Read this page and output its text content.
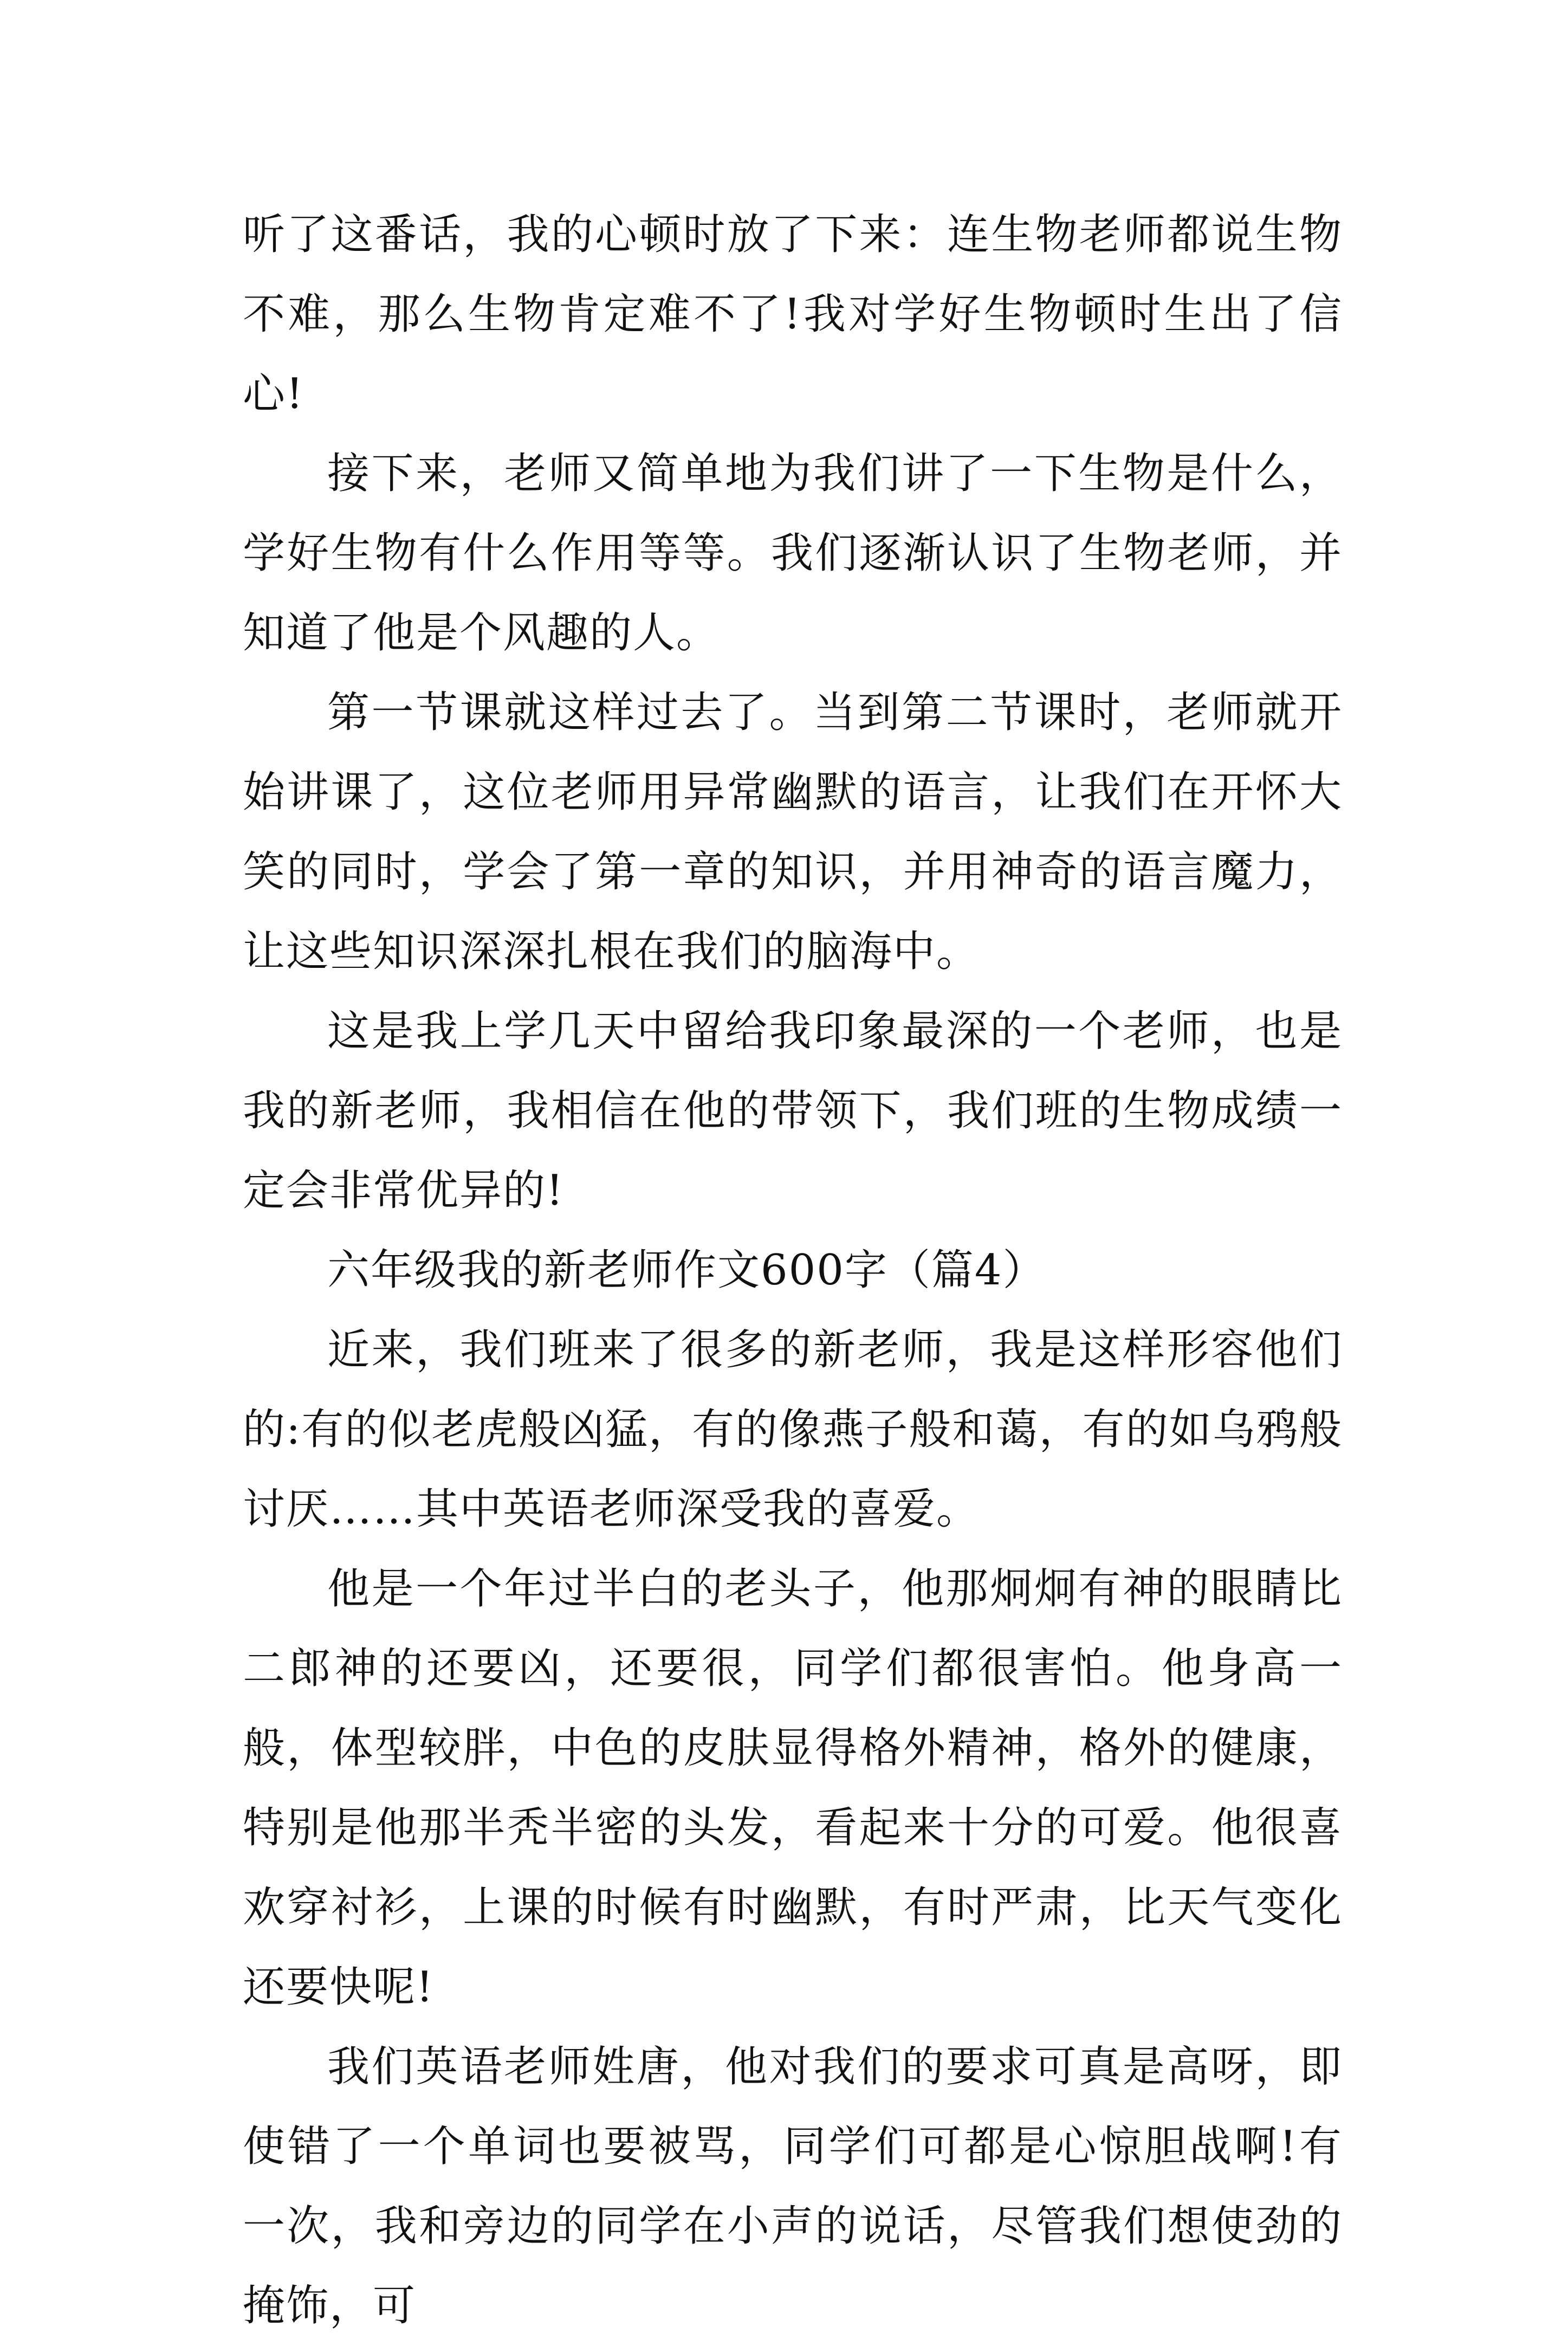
听了这番话，我的心顿时放了下来：连生物老师都说生物不难，那么生物肯定难不了!我对学好生物顿时生出了信心!

接下来，老师又简单地为我们讲了一下生物是什么，学好生物有什么作用等等。我们逐渐认识了生物老师，并知道了他是个风趣的人。

第一节课就这样过去了。当到第二节课时，老师就开始讲课了，这位老师用异常幽默的语言，让我们在开怀大笑的同时，学会了第一章的知识，并用神奇的语言魔力，让这些知识深深扎根在我们的脑海中。

这是我上学几天中留给我印象最深的一个老师，也是我的新老师，我相信在他的带领下，我们班的生物成绩一定会非常优异的!

六年级我的新老师作文600字（篇4）

近来，我们班来了很多的新老师，我是这样形容他们的:有的似老虎般凶猛，有的像燕子般和蔼，有的如乌鸦般讨厌……其中英语老师深受我的喜爱。

他是一个年过半白的老头子，他那炯炯有神的眼睛比二郎神的还要凶，还要很，同学们都很害怕。他身高一般，体型较胖，中色的皮肤显得格外精神，格外的健康，特别是他那半秃半密的头发，看起来十分的可爱。他很喜欢穿衬衫，上课的时候有时幽默，有时严肃，比天气变化还要快呢!

我们英语老师姓唐，他对我们的要求可真是高呀，即使错了一个单词也要被骂，同学们可都是心惊胆战啊!有一次，我和旁边的同学在小声的说话，尽管我们想使劲的掩饰，可
